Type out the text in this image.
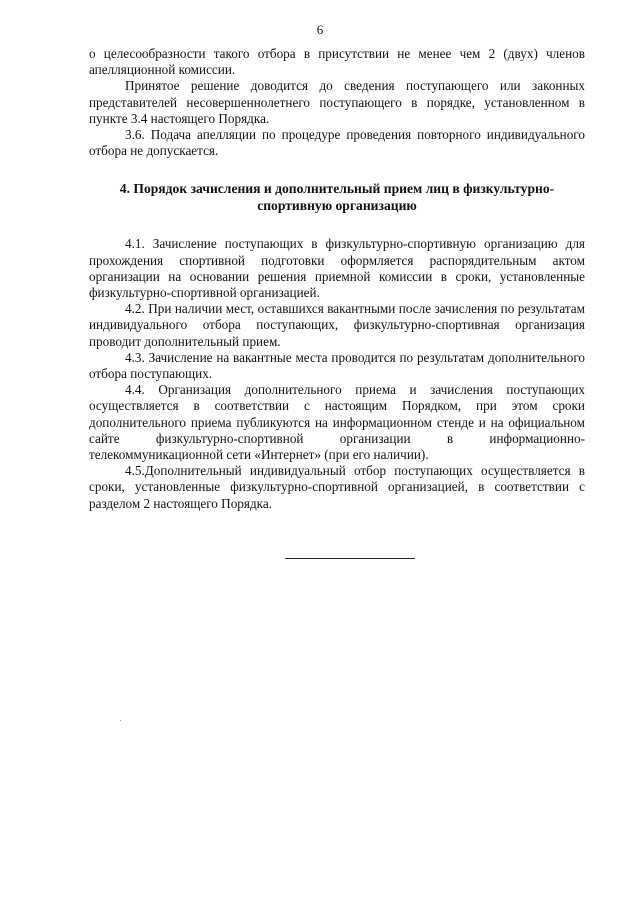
6

о целесообразности такого отбора в присутствии не менее чем 2 (двух) членов апелляционной комиссии.

Принятое решение доводится до сведения поступающего или законных представителей несовершеннолетнего поступающего в порядке, установленном в пункте 3.4 настоящего Порядка.

3.6. Подача апелляции по процедуре проведения повторного индивидуального отбора не допускается.

4. Порядок зачисления и дополнительный прием лиц в физкультурно-спортивную организацию

4.1. Зачисление поступающих в физкультурно-спортивную организацию для прохождения спортивной подготовки оформляется распорядительным актом организации на основании решения приемной комиссии в сроки, установленные физкультурно-спортивной организацией.

4.2. При наличии мест, оставшихся вакантными после зачисления по результатам индивидуального отбора поступающих, физкультурно-спортивная организация проводит дополнительный прием.

4.3. Зачисление на вакантные места проводится по результатам дополнительного отбора поступающих.

4.4. Организация дополнительного приема и зачисления поступающих осуществляется в соответствии с настоящим Порядком, при этом сроки дополнительного приема публикуются на информационном стенде и на официальном сайте физкультурно-спортивной организации в информационно-телекоммуникационной сети «Интернет» (при его наличии).

4.5.Дополнительный индивидуальный отбор поступающих осуществляется в сроки, установленные физкультурно-спортивной организацией, в соответствии с разделом 2 настоящего Порядка.
